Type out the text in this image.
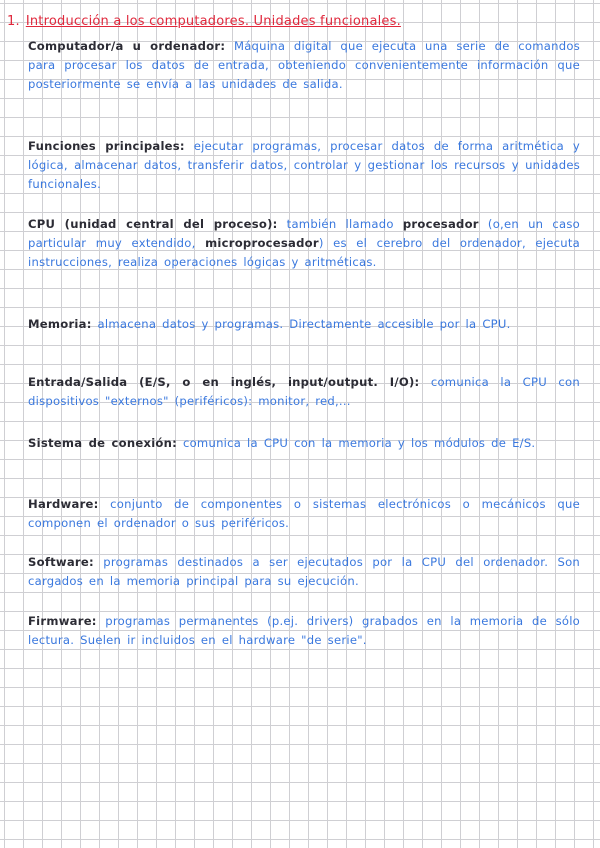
1. Introducción a los computadores. Unidades funcionales.
Computador/a u ordenador: Máquina digital que ejecuta una serie de comandos para procesar los datos de entrada, obteniendo convenientemente información que posteriormente se envía a las unidades de salida.
Funciones principales: ejecutar programas, procesar datos de forma aritmética y lógica, almacenar datos, transferir datos, controlar y gestionar los recursos y unidades funcionales.
CPU (unidad central del proceso): también llamado procesador (o,en un caso particular muy extendido, microprocesador) es el cerebro del ordenador, ejecuta instrucciones, realiza operaciones lógicas y aritméticas.
Memoria: almacena datos y programas. Directamente accesible por la CPU.
Entrada/Salida (E/S, o en inglés, input/output. I/O): comunica la CPU con dispositivos "externos" (periféricos): monitor, red,...
Sistema de conexión: comunica la CPU con la memoria y los módulos de E/S.
Hardware: conjunto de componentes o sistemas electrónicos o mecánicos que componen el ordenador o sus periféricos.
Software: programas destinados a ser ejecutados por la CPU del ordenador. Son cargados en la memoria principal para su ejecución.
Firmware: programas permanentes (p.ej. drivers) grabados en la memoria de sólo lectura. Suelen ir incluidos en el hardware "de serie".
